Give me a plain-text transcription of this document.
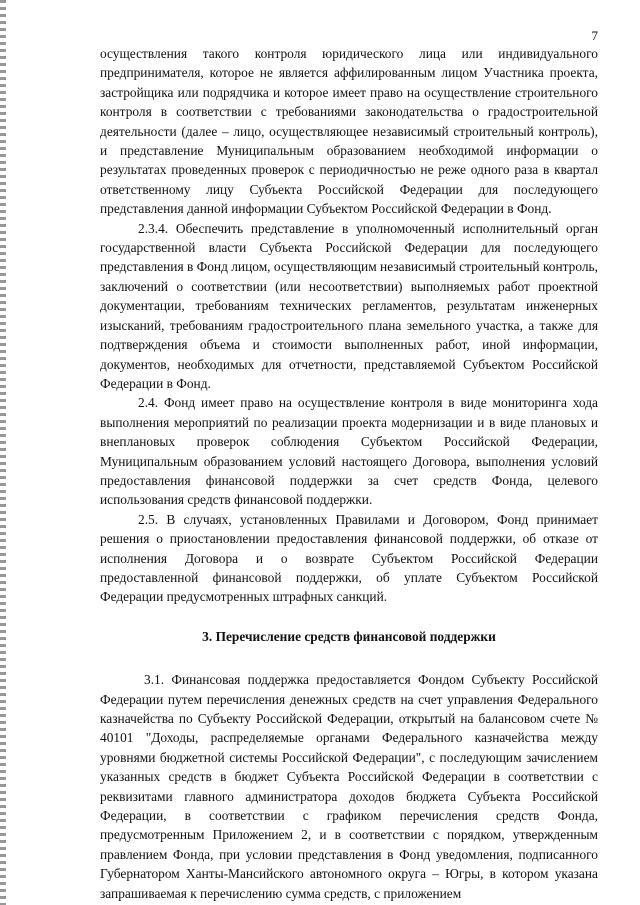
7

осуществления такого контроля юридического лица или индивидуального предпринимателя, которое не является аффилированным лицом Участника проекта, застройщика или подрядчика и которое имеет право на осуществление строительного контроля в соответствии с требованиями законодательства о градостроительной деятельности (далее – лицо, осуществляющее независимый строительный контроль), и представление Муниципальным образованием необходимой информации о результатах проведенных проверок с периодичностью не реже одного раза в квартал ответственному лицу Субъекта Российской Федерации для последующего представления данной информации Субъектом Российской Федерации в Фонд.

2.3.4. Обеспечить представление в уполномоченный исполнительный орган государственной власти Субъекта Российской Федерации для последующего представления в Фонд лицом, осуществляющим независимый строительный контроль, заключений о соответствии (или несоответствии) выполняемых работ проектной документации, требованиям технических регламентов, результатам инженерных изысканий, требованиям градостроительного плана земельного участка, а также для подтверждения объема и стоимости выполненных работ, иной информации, документов, необходимых для отчетности, представляемой Субъектом Российской Федерации в Фонд.

2.4. Фонд имеет право на осуществление контроля в виде мониторинга хода выполнения мероприятий по реализации проекта модернизации и в виде плановых и внеплановых проверок соблюдения Субъектом Российской Федерации, Муниципальным образованием условий настоящего Договора, выполнения условий предоставления финансовой поддержки за счет средств Фонда, целевого использования средств финансовой поддержки.

2.5. В случаях, установленных Правилами и Договором, Фонд принимает решения о приостановлении предоставления финансовой поддержки, об отказе от исполнения Договора и о возврате Субъектом Российской Федерации предоставленной финансовой поддержки, об уплате Субъектом Российской Федерации предусмотренных штрафных санкций.

3. Перечисление средств финансовой поддержки

3.1. Финансовая поддержка предоставляется Фондом Субъекту Российской Федерации путем перечисления денежных средств на счет управления Федерального казначейства по Субъекту Российской Федерации, открытый на балансовом счете № 40101 "Доходы, распределяемые органами Федерального казначейства между уровнями бюджетной системы Российской Федерации", с последующим зачислением указанных средств в бюджет Субъекта Российской Федерации в соответствии с реквизитами главного администратора доходов бюджета Субъекта Российской Федерации, в соответствии с графиком перечисления средств Фонда, предусмотренным Приложением 2, и в соответствии с порядком, утвержденным правлением Фонда, при условии представления в Фонд уведомления, подписанного Губернатором Ханты-Мансийского автономного округа – Югры, в котором указана запрашиваемая к перечислению сумма средств, с приложением
